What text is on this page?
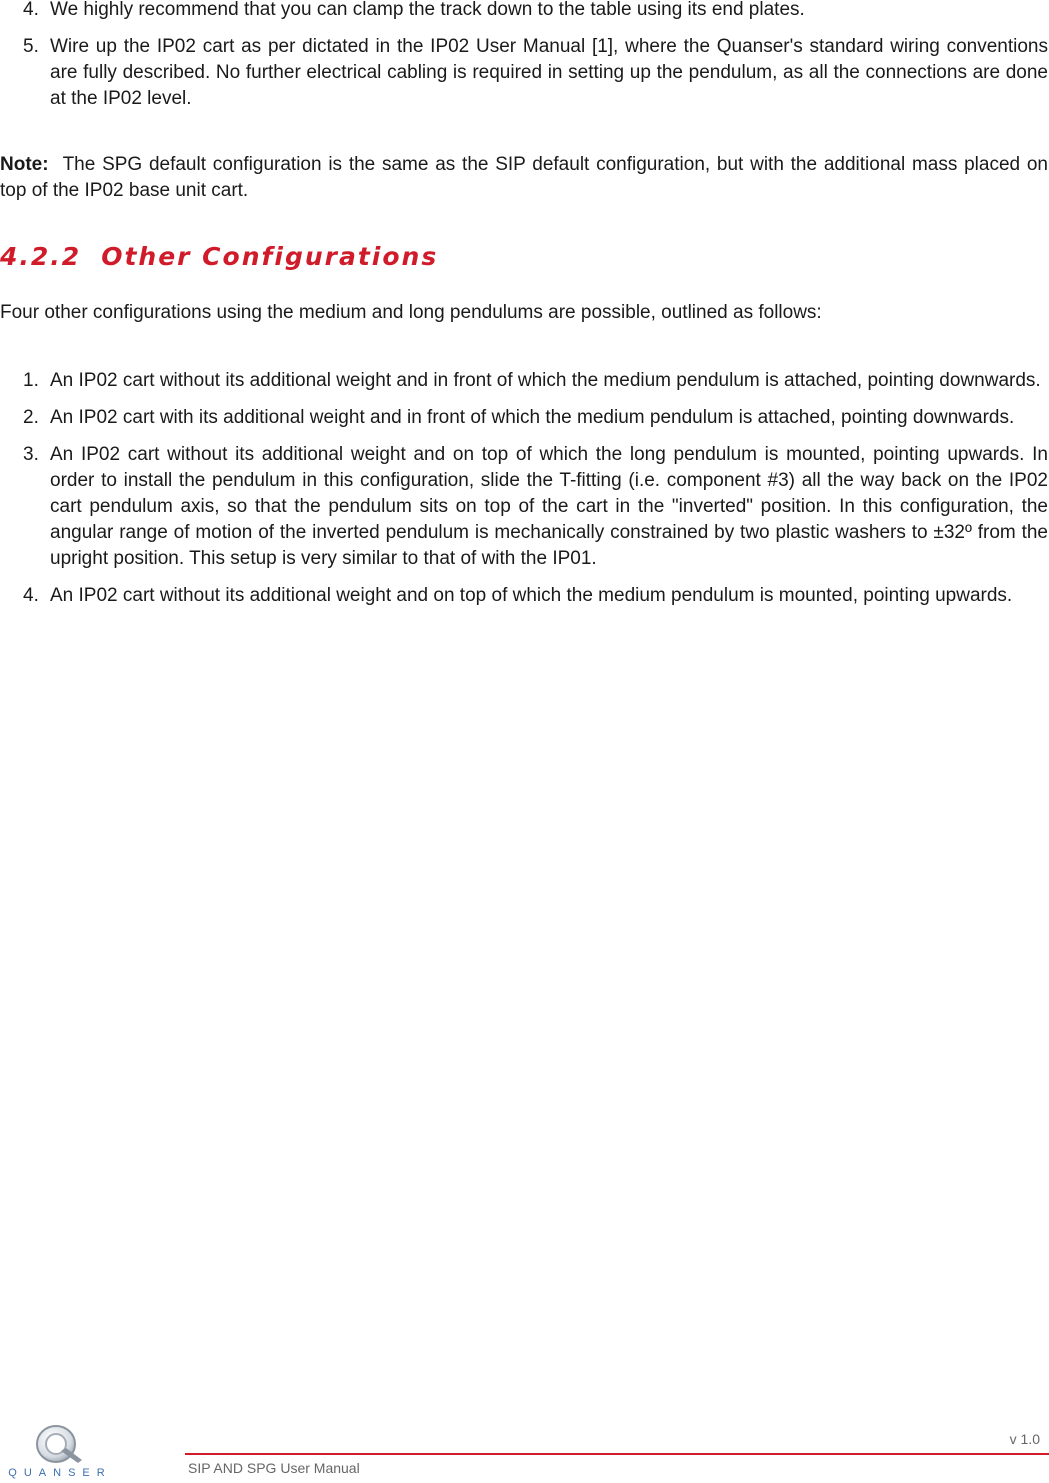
4. We highly recommend that you can clamp the track down to the table using its end plates.
5. Wire up the IP02 cart as per dictated in the IP02 User Manual [1], where the Quanser's standard wiring conventions are fully described. No further electrical cabling is required in setting up the pendulum, as all the connections are done at the IP02 level.

Note: The SPG default configuration is the same as the SIP default configuration, but with the additional mass placed on top of the IP02 base unit cart.

4.2.2 Other Configurations

Four other configurations using the medium and long pendulums are possible, outlined as follows:

1. An IP02 cart without its additional weight and in front of which the medium pendulum is attached, pointing downwards.
2. An IP02 cart with its additional weight and in front of which the medium pendulum is attached, pointing downwards.
3. An IP02 cart without its additional weight and on top of which the long pendulum is mounted, pointing upwards. In order to install the pendulum in this configuration, slide the T-fitting (i.e. component #3) all the way back on the IP02 cart pendulum axis, so that the pendulum sits on top of the cart in the "inverted" position. In this configuration, the angular range of motion of the inverted pendulum is mechanically constrained by two plastic washers to ±32º from the upright position. This setup is very similar to that of with the IP01.
4. An IP02 cart without its additional weight and on top of which the medium pendulum is mounted, pointing upwards.
QUANSER	SIP AND SPG User Manual
v 1.0
